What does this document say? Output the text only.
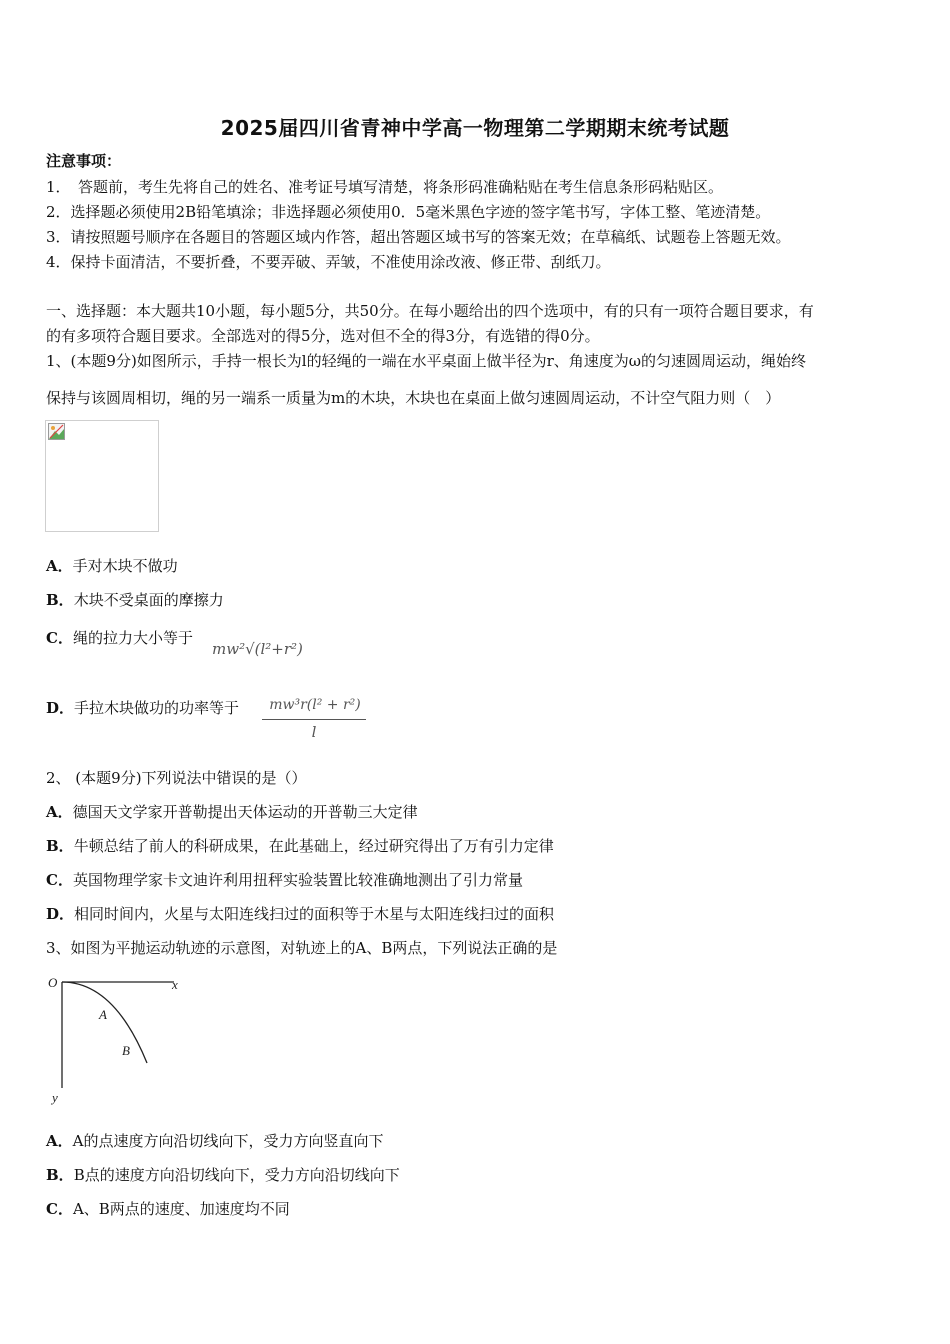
2025届四川省青神中学高一物理第二学期期末统考试题
注意事项：
1．　答题前，考生先将自己的姓名、准考证号填写清楚，将条形码准确粘贴在考生信息条形码粘贴区。
2．选择题必须使用2B铅笔填涂；非选择题必须使用0．5毫米黑色字迹的签字笔书写，字体工整、笔迹清楚。
3．请按照题号顺序在各题目的答题区域内作答，超出答题区域书写的答案无效；在草稿纸、试题卷上答题无效。
4．保持卡面清洁，不要折叠，不要弄破、弄皱，不准使用涂改液、修正带、刮纸刀。
一、选择题：本大题共10小题，每小题5分，共50分。在每小题给出的四个选项中，有的只有一项符合题目要求，有
的有多项符合题目要求。全部选对的得5分，选对但不全的得3分，有选错的得0分。
1、(本题9分)如图所示，手持一根长为l的轻绳的一端在水平桌面上做半径为r、角速度为ω的匀速圆周运动，绳始终
保持与该圆周相切，绳的另一端系一质量为m的木块，木块也在桌面上做匀速圆周运动，不计空气阻力则（　）
A．手对木块不做功
B．木块不受桌面的摩擦力
C．绳的拉力大小等于
mw²√(l²+r²)
D．手拉木块做功的功率等于	mw³r(l² + r²)
l
2、 (本题9分)下列说法中错误的是（）
A．德国天文学家开普勒提出天体运动的开普勒三大定律
B．牛顿总结了前人的科研成果，在此基础上，经过研究得出了万有引力定律
C．英国物理学家卡文迪许利用扭秤实验装置比较准确地测出了引力常量
D．相同时间内，火星与太阳连线扫过的面积等于木星与太阳连线扫过的面积
3、如图为平抛运动轨迹的示意图，对轨迹上的A、B两点，下列说法正确的是
O	x
y
A
B
A．A的点速度方向沿切线向下，受力方向竖直向下
B．B点的速度方向沿切线向下，受力方向沿切线向下
C．A、B两点的速度、加速度均不同
